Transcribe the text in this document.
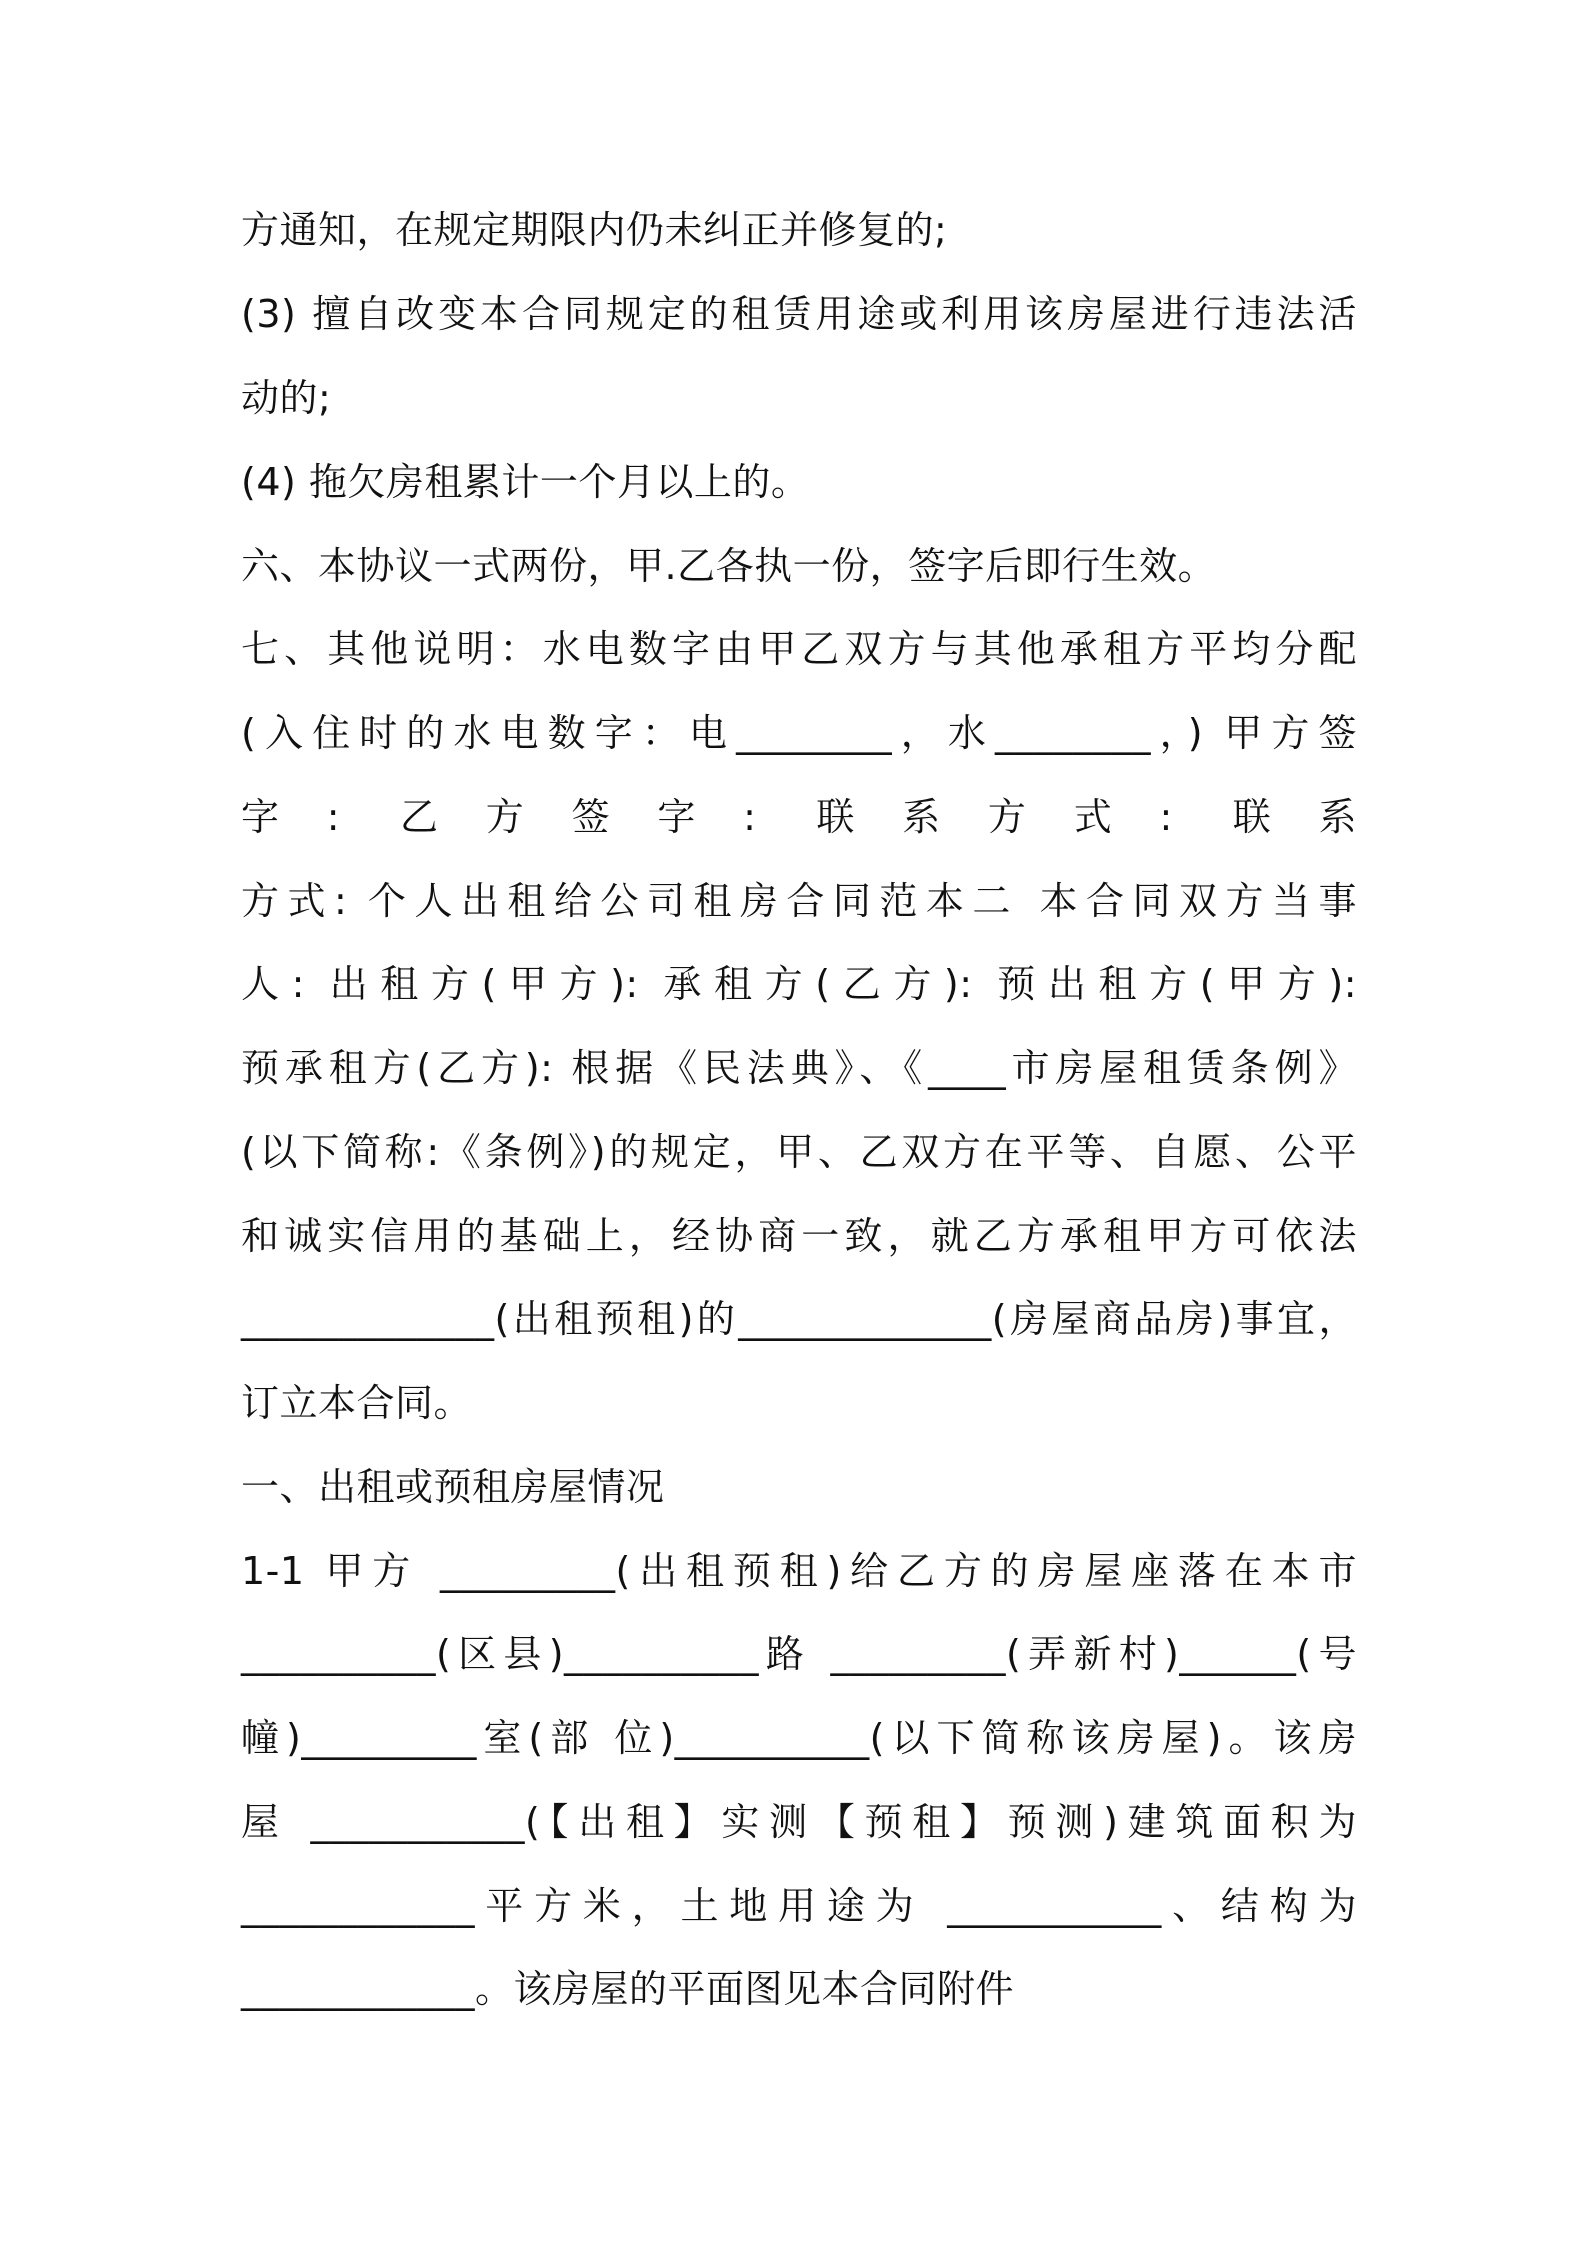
方通知，在规定期限内仍未纠正并修复的;
(3) 擅自改变本合同规定的租赁用途或利用该房屋进行违法活
动的;
(4) 拖欠房租累计一个月以上的。
六、本协议一式两份，甲.乙各执一份，签字后即行生效。
七、其他说明：水电数字由甲乙双方与其他承租方平均分配
(入住时的水电数字：电________，水________，) 甲方签
字: 乙方签字: 联系方式: 联系
方式: 个人出租给公司租房合同范本二 本合同双方当事
人: 出租方(甲方): 承租方(乙方): 预出租方(甲方):
预承租方(乙方): 根据《民法典》、《____市房屋租赁条例》
(以下简称:《条例》)的规定，甲、乙双方在平等、自愿、公平
和诚实信用的基础上，经协商一致，就乙方承租甲方可依法
_____________(出租预租)的_____________(房屋商品房)事宜，
订立本合同。
一、出租或预租房屋情况
1-1 甲方 _________(出租预租)给乙方的房屋座落在本市
__________(区县)__________路 _________(弄新村)______(号
幢)_________室(部 位)__________(以下简称该房屋)。该房
屋 ___________(【出租】实测【预租】预测)建筑面积为
____________平方米，土地用途为 ___________、结构为
____________。该房屋的平面图见本合同附件
